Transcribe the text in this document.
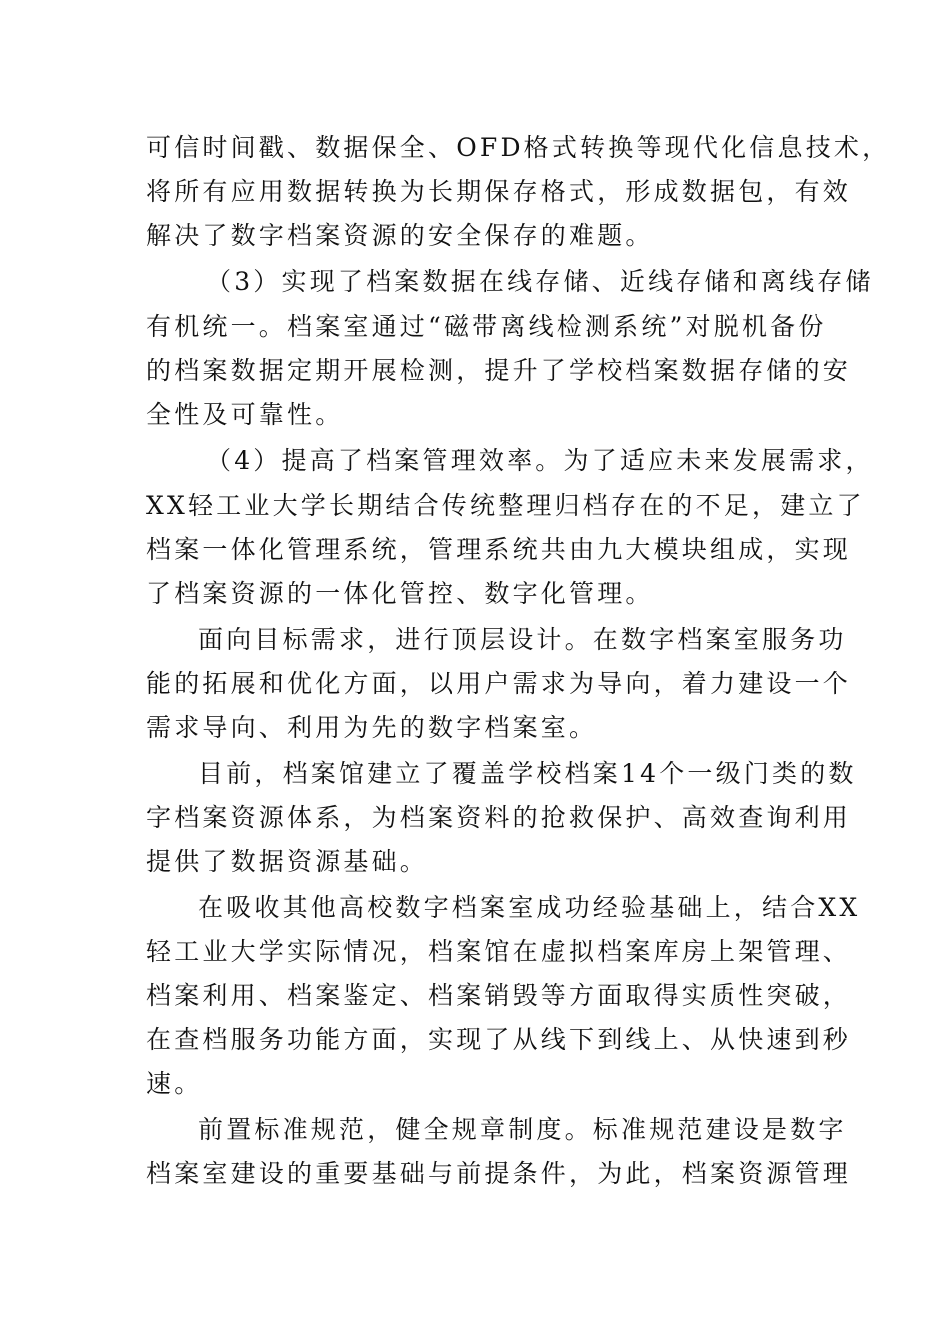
可信时间戳、数据保全、OFD格式转换等现代化信息技术，

将所有应用数据转换为长期保存格式，形成数据包，有效

解决了数字档案资源的安全保存的难题。

（3）实现了档案数据在线存储、近线存储和离线存储

有机统一。档案室通过“磁带离线检测系统”对脱机备份

的档案数据定期开展检测，提升了学校档案数据存储的安

全性及可靠性。

（4）提高了档案管理效率。为了适应未来发展需求，

XX轻工业大学长期结合传统整理归档存在的不足，建立了

档案一体化管理系统，管理系统共由九大模块组成，实现

了档案资源的一体化管控、数字化管理。

面向目标需求，进行顶层设计。在数字档案室服务功

能的拓展和优化方面，以用户需求为导向，着力建设一个

需求导向、利用为先的数字档案室。

目前，档案馆建立了覆盖学校档案14个一级门类的数

字档案资源体系，为档案资料的抢救保护、高效查询利用

提供了数据资源基础。

在吸收其他高校数字档案室成功经验基础上，结合XX

轻工业大学实际情况，档案馆在虚拟档案库房上架管理、

档案利用、档案鉴定、档案销毁等方面取得实质性突破，

在查档服务功能方面，实现了从线下到线上、从快速到秒

速。

前置标准规范，健全规章制度。标准规范建设是数字

档案室建设的重要基础与前提条件，为此，档案资源管理
